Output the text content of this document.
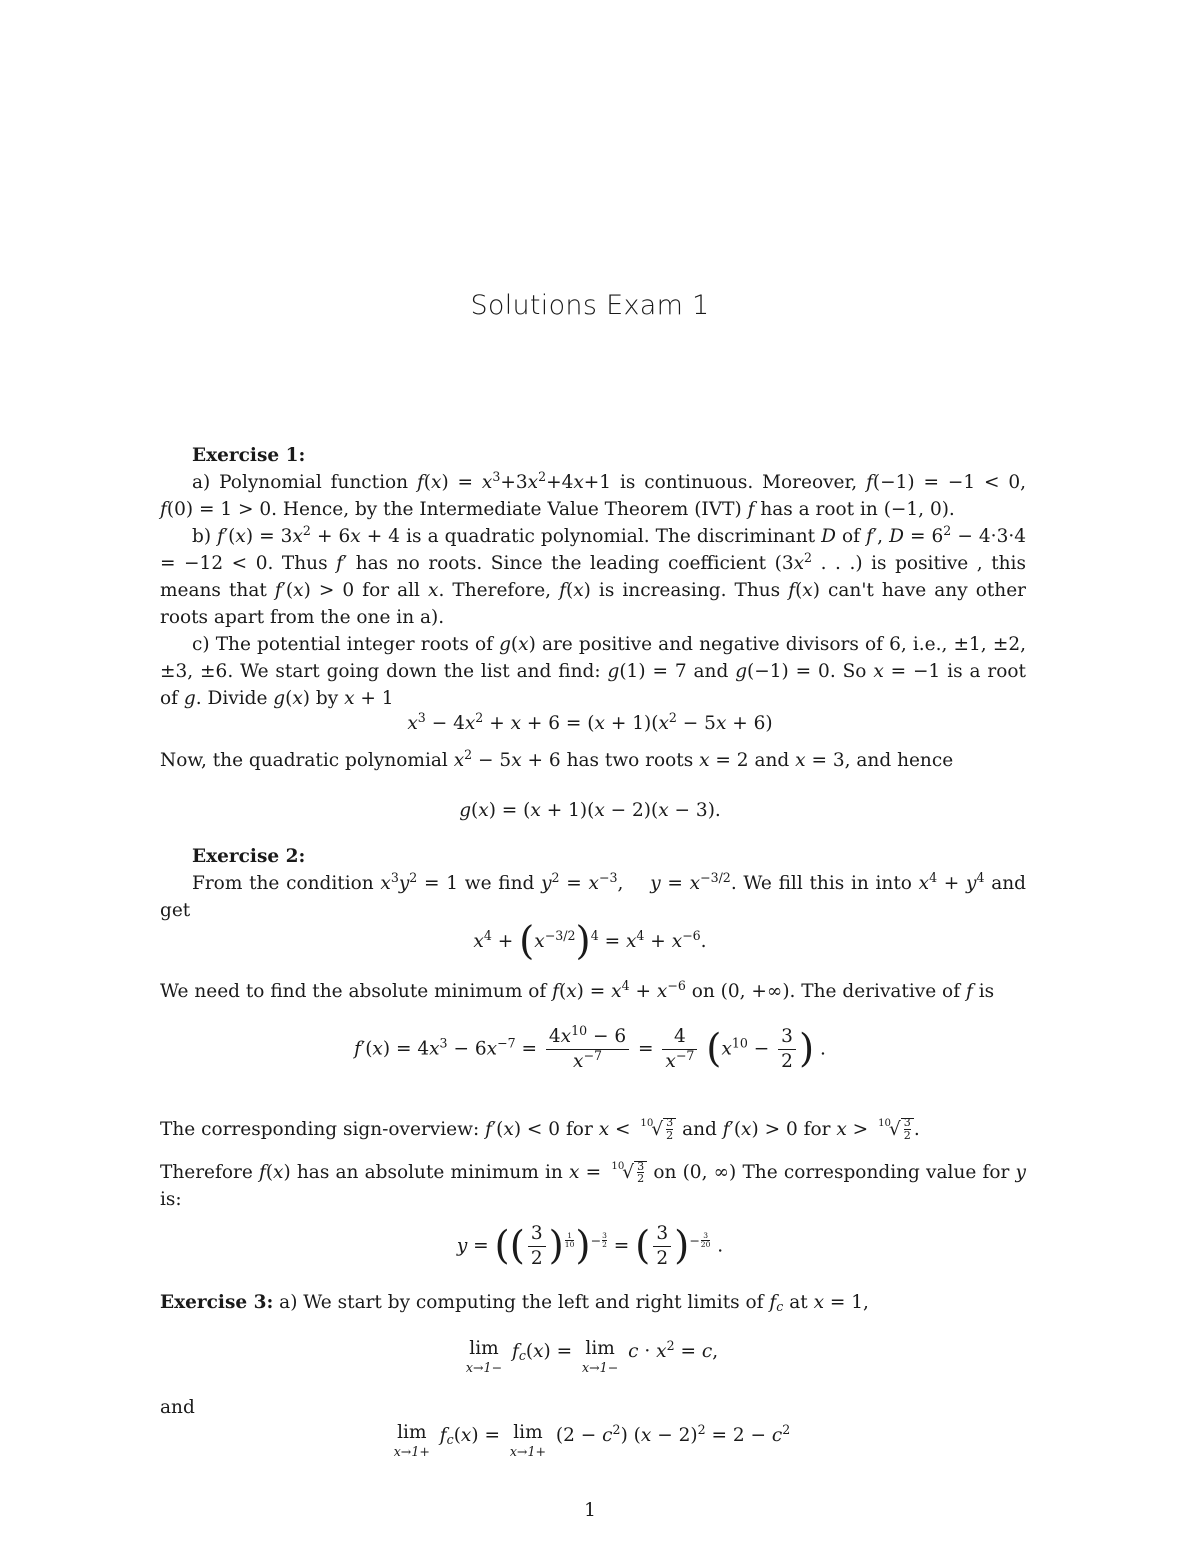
Solutions Exam 1

Exercise 1:

a) Polynomial function $f(x) = x^3+3x^2+4x+1$ is continuous. Moreover, f(−1) = −1 < 0, f(0) = 1 > 0. Hence, by the Intermediate Value Theorem (IVT) f has a root in (−1, 0).

b) $f'(x) = 3x^2 + 6x + 4$ is a quadratic polynomial. The discriminant D of f′, $D = 6^2 - 4\cdot 3\cdot 4 = -12 < 0$. Thus f′ has no roots. Since the leading coefficient ($3x^2$ . . .) is positive , this means that f′(x) > 0 for all x. Therefore, f(x) is increasing. Thus f(x) can't have any other roots apart from the one in a).

c) The potential integer roots of g(x) are positive and negative divisors of 6, i.e., ±1, ±2, ±3, ±6. We start going down the list and find: g(1) = 7 and g(−1) = 0. So x = −1 is a root of g. Divide g(x) by x + 1

$x^3 - 4x^2 + x + 6 = (x + 1)(x^2 - 5x + 6)$

Now, the quadratic polynomial $x^2 - 5x + 6$ has two roots x = 2 and x = 3, and hence

g(x) = (x + 1)(x − 2)(x − 3).

Exercise 2:

From the condition $x^3y^2 = 1$ we find $y^2 = x^{-3}$,    $y = x^{-3/2}$. We fill this in into $x^4 + y^4$ and get

$x^4 + (x^{-3/2})^4 = x^4 + x^{-6}$.

We need to find the absolute minimum of $f(x) = x^4 + x^{-6}$ on (0, +∞). The derivative of f is

$f'(x) = 4x^3 - 6x^{-7} = \frac{4x^{10} - 6}{x^{-7}} = \frac{4}{x^{-7}} (x^{10} - \frac{3}{2}$ ) .

The corresponding sign-overview: f′(x) < 0 for $x < ^{10}√ \frac{3}{2}$ and f′(x) > 0 for $x > ^{10}√ \frac{3}{2}$ .

Therefore f(x) has an absolute minimum in $x = ^{10}√ \frac{3}{2}$ on (0, ∞) The corresponding value for y is:

y = (( $\frac{3}{2}$ ) $^{\frac{1}{10}}$ )$^{- \frac{3}{2}}$ = ( $\frac{3}{2} )^{- \frac{3}{20}}$ .

Exercise 3: a) We start by computing the left and right limits of $f_c$ at x = 1,

lim
x→1−
$f_c(x) = \lim$
x→1−
$c \cdot x^2 = c$,

and

lim
x→1+
$f_c(x) = \lim$
x→1+
$(2 - c^2)$ $(x - 2)^2 = 2 - c^2$
1
